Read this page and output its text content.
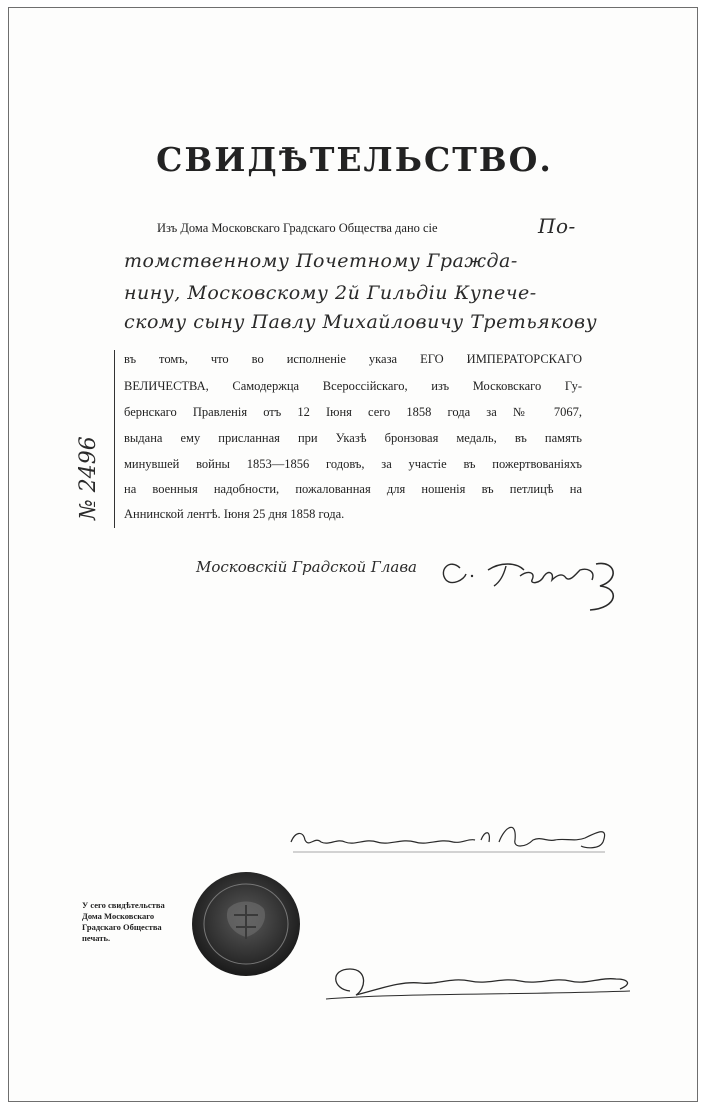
СВИДѢТЕЛЬСТВО.
Изъ Дома Московскаго Градскаго Общества дано сіе	По-
томственному Почетному Гражда-
нину, Московскому 2й Гильдіи Купече-
скому сыну Павлу Михайловичу Третьякову
№ 2496
въ томъ, что во исполненіе указа ЕГО ИМПЕРАТОРСКАГО
ВЕЛИЧЕСТВА, Самодержца Всероссійскаго, изъ Московскаго Гу-
бернскаго Правленія отъ 12 Іюня сего 1858 года за № 7067,
выдана ему присланная при Указѣ бронзовая медаль, въ память
минувшей войны 1853—1856 годовъ, за участіе въ пожертвованіяхъ
на военныя надобности, пожалованная для ношенія въ петлицѣ на
Аннинской лентѣ. Іюня 25 дня 1858 года.
Московскій Градской Глава
У сего свидѣтельства Дома Московскаго Градскаго Общества печать.
